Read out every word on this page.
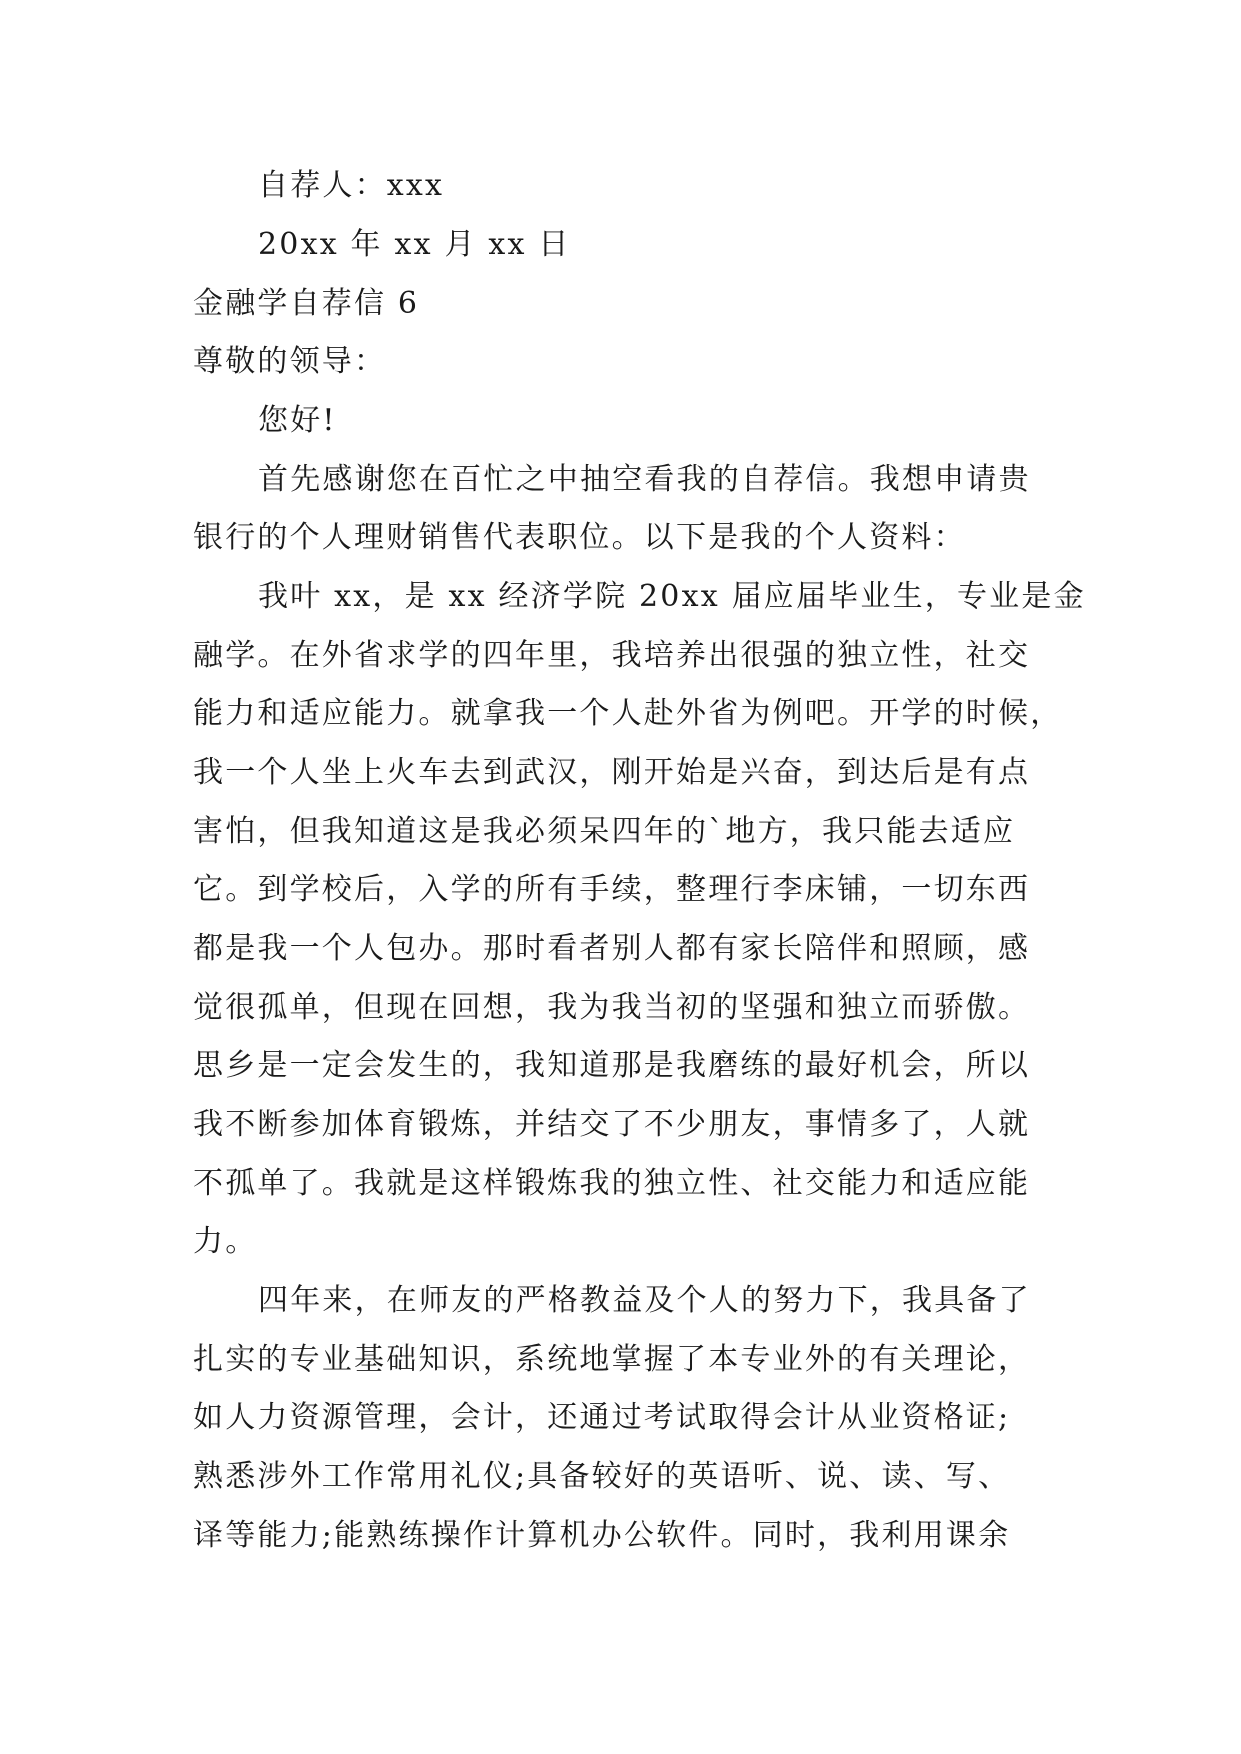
自荐人：xxx
20xx 年 xx 月 xx 日
金融学自荐信 6
尊敬的领导：
您好!
首先感谢您在百忙之中抽空看我的自荐信。我想申请贵
银行的个人理财销售代表职位。以下是我的个人资料：
我叶 xx，是 xx 经济学院 20xx 届应届毕业生，专业是金
融学。在外省求学的四年里，我培养出很强的独立性，社交
能力和适应能力。就拿我一个人赴外省为例吧。开学的时候，
我一个人坐上火车去到武汉，刚开始是兴奋，到达后是有点
害怕，但我知道这是我必须呆四年的`地方，我只能去适应
它。到学校后，入学的所有手续，整理行李床铺，一切东西
都是我一个人包办。那时看者别人都有家长陪伴和照顾，感
觉很孤单，但现在回想，我为我当初的坚强和独立而骄傲。
思乡是一定会发生的，我知道那是我磨练的最好机会，所以
我不断参加体育锻炼，并结交了不少朋友，事情多了，人就
不孤单了。我就是这样锻炼我的独立性、社交能力和适应能
力。
四年来，在师友的严格教益及个人的努力下，我具备了
扎实的专业基础知识，系统地掌握了本专业外的有关理论，
如人力资源管理，会计，还通过考试取得会计从业资格证;
熟悉涉外工作常用礼仪;具备较好的英语听、说、读、写、
译等能力;能熟练操作计算机办公软件。同时，我利用课余
